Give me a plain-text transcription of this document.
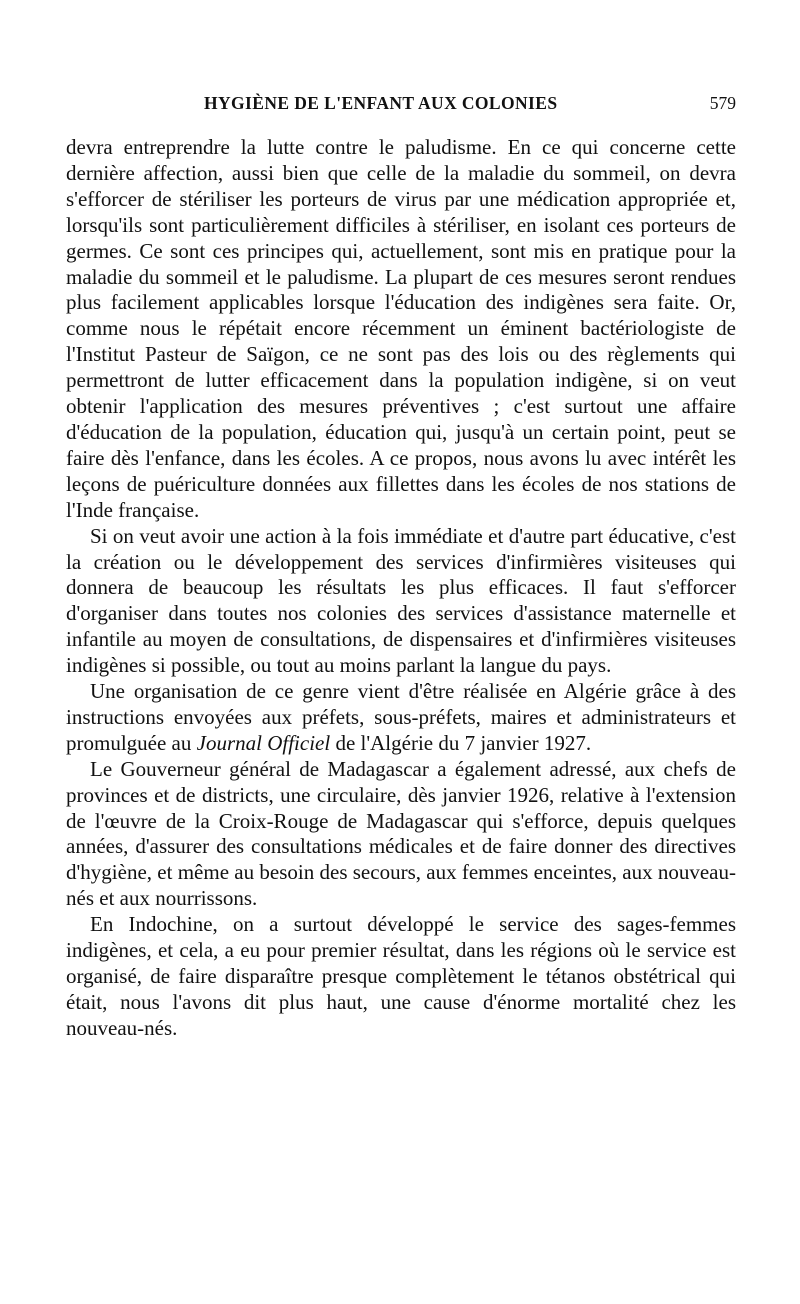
HYGIÈNE DE L'ENFANT AUX COLONIES	579

devra entreprendre la lutte contre le paludisme. En ce qui concerne cette dernière affection, aussi bien que celle de la maladie du sommeil, on devra s'efforcer de stériliser les porteurs de virus par une médication appropriée et, lorsqu'ils sont particulièrement difficiles à stériliser, en isolant ces porteurs de germes. Ce sont ces principes qui, actuellement, sont mis en pratique pour la maladie du sommeil et le paludisme. La plupart de ces mesures seront rendues plus facilement applicables lorsque l'éducation des indigènes sera faite. Or, comme nous le répétait encore récemment un éminent bactériologiste de l'Institut Pasteur de Saïgon, ce ne sont pas des lois ou des règlements qui permettront de lutter efficacement dans la population indigène, si on veut obtenir l'application des mesures préventives ; c'est surtout une affaire d'éducation de la population, éducation qui, jusqu'à un certain point, peut se faire dès l'enfance, dans les écoles. A ce propos, nous avons lu avec intérêt les leçons de puériculture données aux fillettes dans les écoles de nos stations de l'Inde française.

Si on veut avoir une action à la fois immédiate et d'autre part éducative, c'est la création ou le développement des services d'infirmières visiteuses qui donnera de beaucoup les résultats les plus efficaces. Il faut s'efforcer d'organiser dans toutes nos colonies des services d'assistance maternelle et infantile au moyen de consultations, de dispensaires et d'infirmières visiteuses indigènes si possible, ou tout au moins parlant la langue du pays.

Une organisation de ce genre vient d'être réalisée en Algérie grâce à des instructions envoyées aux préfets, sous-préfets, maires et administrateurs et promulguée au Journal Officiel de l'Algérie du 7 janvier 1927.

Le Gouverneur général de Madagascar a également adressé, aux chefs de provinces et de districts, une circulaire, dès janvier 1926, relative à l'extension de l'œuvre de la Croix-Rouge de Madagascar qui s'efforce, depuis quelques années, d'assurer des consultations médicales et de faire donner des directives d'hygiène, et même au besoin des secours, aux femmes enceintes, aux nouveau-nés et aux nourrissons.

En Indochine, on a surtout développé le service des sages-femmes indigènes, et cela, a eu pour premier résultat, dans les régions où le service est organisé, de faire disparaître presque complètement le tétanos obstétrical qui était, nous l'avons dit plus haut, une cause d'énorme mortalité chez les nouveau-nés.
